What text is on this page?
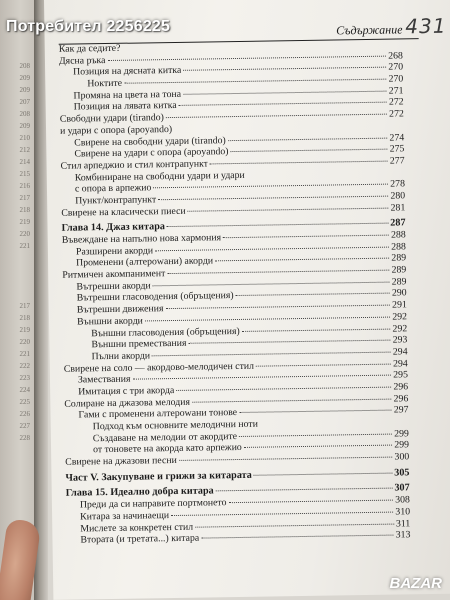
208
209
209
207
208
209
210
212
214
215
216
217
218
219
220
221
217
218
219
220
221
222
223
224
225
226
227
228
Съдържание 431
Как да седите?
Дясна ръка	268
Позиция на дясната китка	270
Ноктите	270
Промяна на цвета на тона	271
Позиция на лявата китка	272
Свободни удари (tirando)	272
и удари с опора (apoyando)
Свирене на свободни удари (tirando)	274
Свирене на удари с опора (apoyando)	275
Стил арпеджио и стил контрапункт	277
Комбиниране на свободни удари и удари
с опора в арпежио	278
Пункт/контрапункт	280
Свирене на класически пиеси	281
Глава 14. Джаз китара	287
Въвеждане на напълно нова хармония	288
Разширени акорди	288
Променени (алтерowани) акорди	289
Ритмичен акомпанимент	289
Вътрешни акорди	289
Вътрешни гласоводения (обръщения)	290
Вътрешни движения	291
Външни акорди	292
Външни гласоводения (обръщения)	292
Външни премествания	293
Пълни акорди	294
Свирене на соло — акордово-мелодичен стил	294
Замествания	295
Имитация с три акорда	296
Солиране на джазова мелодия	296
Гами с променени алтерowани тонове	297
Подход към основните мелодични ноти
Създаване на мелодии от акордите	299
от тоновете на акорда като арпежио	299
Свирене на джазови песни	300
Част V. Закупуване и грижи за китарата	305
Глава 15. Идеално добра китара	307
Преди да си направите портмонето	308
Китара за начинаещи	310
Мислете за конкретен стил	311
Втората (и третата...) китара	313

Потребител 2256225

BAZAR
